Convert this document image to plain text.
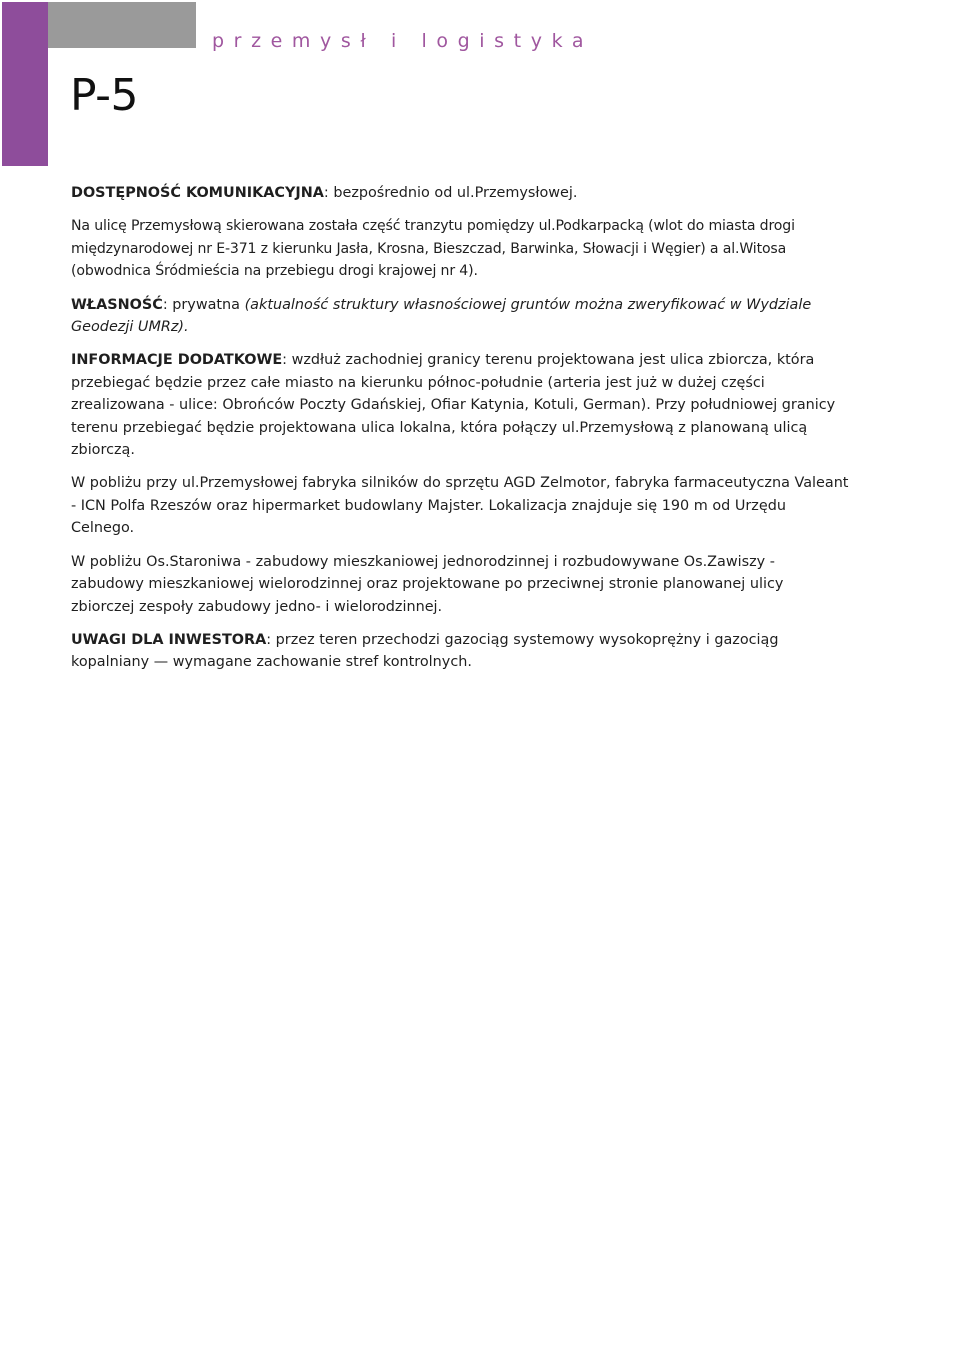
przemysł i logistyka
P-5

DOSTĘPNOŚĆ KOMUNIKACYJNA: bezpośrednio od ul.Przemysłowej.

Na ulicę Przemysłową skierowana została część tranzytu pomiędzy ul.Podkarpacką (wlot do miasta drogi międzynarodowej nr E-371 z kierunku Jasła, Krosna, Bieszczad, Barwinka, Słowacji i Węgier) a al.Witosa (obwodnica Śródmieścia na przebiegu drogi krajowej nr 4).

WŁASNOŚĆ: prywatna (aktualność struktury własnościowej gruntów można zweryfikować w Wydziale Geodezji UMRz).

INFORMACJE DODATKOWE: wzdłuż zachodniej granicy terenu projektowana jest ulica zbiorcza, która przebiegać będzie przez całe miasto na kierunku północ-południe (arteria jest już w dużej części zrealizowana - ulice: Obrońców Poczty Gdańskiej, Ofiar Katynia, Kotuli, German). Przy południowej granicy terenu przebiegać będzie projektowana ulica lokalna, która połączy ul.Przemysłową z planowaną ulicą zbiorczą.

W pobliżu przy ul.Przemysłowej fabryka silników do sprzętu AGD Zelmotor, fabryka farmaceutyczna Valeant - ICN Polfa Rzeszów oraz hipermarket budowlany Majster. Lokalizacja znajduje się 190 m od Urzędu Celnego.

W pobliżu Os.Staroniwa - zabudowy mieszkaniowej jednorodzinnej i rozbudowywane Os.Zawiszy - zabudowy mieszkaniowej wielorodzinnej oraz projektowane po przeciwnej stronie planowanej ulicy zbiorczej zespoły zabudowy jedno- i wielorodzinnej.

UWAGI DLA INWESTORA: przez teren przechodzi gazociąg systemowy wysokoprężny i gazociąg kopalniany — wymagane zachowanie stref kontrolnych.
